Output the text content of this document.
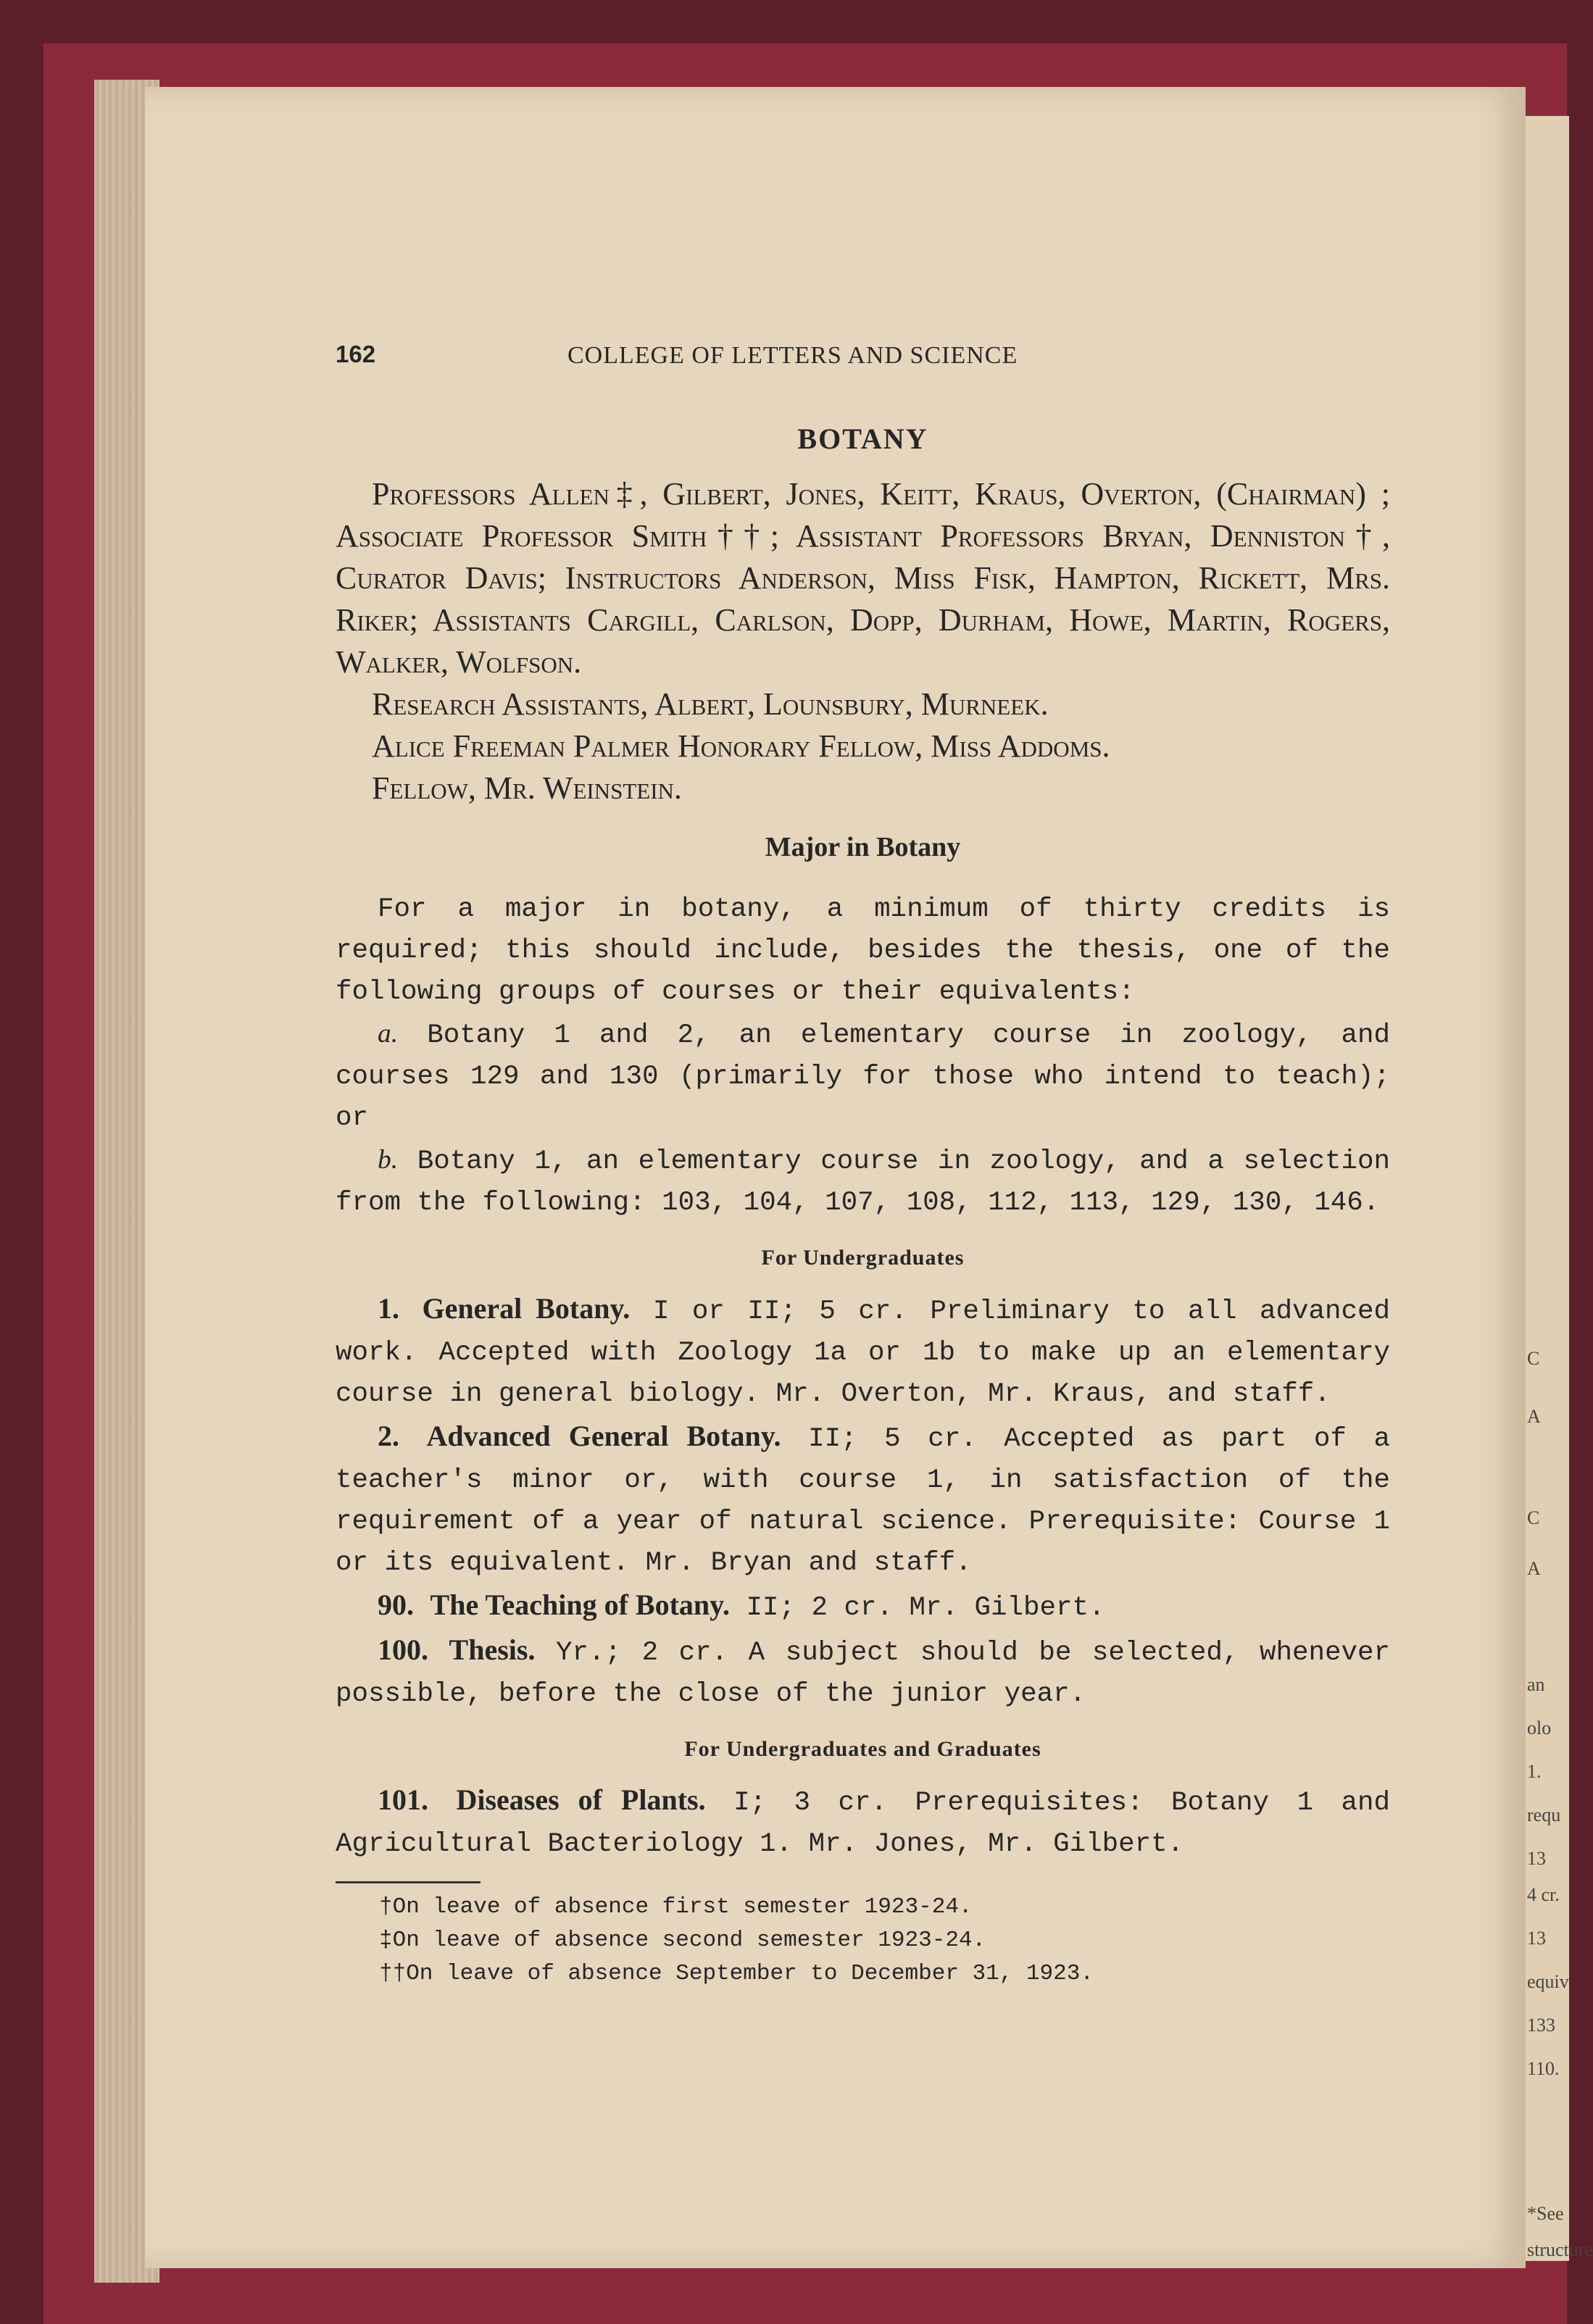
C
A
C
A
an
olo
1.
requ
13
4 cr.
13
equiv
133
110.
*See
structure
162	COLLEGE OF LETTERS AND SCIENCE
BOTANY

Professors Allen‡, Gilbert, Jones, Keitt, Kraus, Overton, (Chairman) ; Associate Professor Smith††; Assistant Professors Bryan, Denniston†, Curator Davis; Instructors Anderson, Miss Fisk, Hampton, Rickett, Mrs. Riker; Assistants Cargill, Carlson, Dopp, Durham, Howe, Martin, Rogers, Walker, Wolfson.

Research Assistants, Albert, Lounsbury, Murneek.

Alice Freeman Palmer Honorary Fellow, Miss Addoms.

Fellow, Mr. Weinstein.

Major in Botany

For a major in botany, a minimum of thirty credits is required; this should include, besides the thesis, one of the following groups of courses or their equivalents:

a. Botany 1 and 2, an elementary course in zoology, and courses 129 and 130 (primarily for those who intend to teach); or

b. Botany 1, an elementary course in zoology, and a selection from the following: 103, 104, 107, 108, 112, 113, 129, 130, 146.

For Undergraduates

1. General Botany. I or II; 5 cr. Preliminary to all advanced work. Accepted with Zoology 1a or 1b to make up an elementary course in general biology. Mr. Overton, Mr. Kraus, and staff.

2. Advanced General Botany. II; 5 cr. Accepted as part of a teacher's minor or, with course 1, in satisfaction of the requirement of a year of natural science. Prerequisite: Course 1 or its equivalent. Mr. Bryan and staff.

90. The Teaching of Botany. II; 2 cr. Mr. Gilbert.

100. Thesis. Yr.; 2 cr. A subject should be selected, whenever possible, before the close of the junior year.

For Undergraduates and Graduates

101. Diseases of Plants. I; 3 cr. Prerequisites: Botany 1 and Agricultural Bacteriology 1. Mr. Jones, Mr. Gilbert.

†On leave of absence first semester 1923-24.
‡On leave of absence second semester 1923-24.
††On leave of absence September to December 31, 1923.
